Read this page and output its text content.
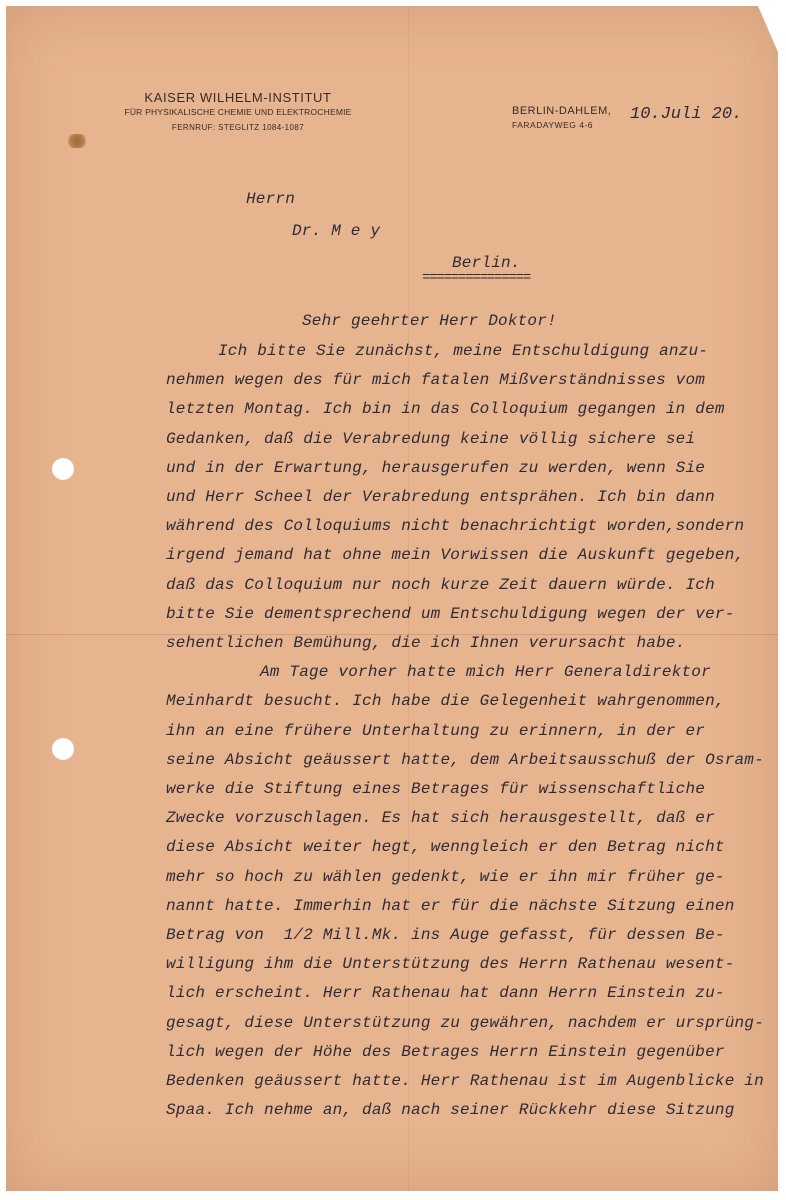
KAISER WILHELM-INSTITUT
FÜR PHYSIKALISCHE CHEMIE UND ELEKTROCHEMIE
FERNRUF: STEGLITZ 1084-1087
BERLIN-DAHLEM,
FARADAYWEG 4-6
10.Juli 20.
Herrn
Dr. M e y
Berlin.
===============
Sehr geehrter Herr Doktor!
Ich bitte Sie zunächst, meine Entschuldigung anzu-
nehmen wegen des für mich fatalen Mißverständnisses vom
letzten Montag. Ich bin in das Colloquium gegangen in dem
Gedanken, daß die Verabredung keine völlig sichere sei
und in der Erwartung, herausgerufen zu werden, wenn Sie
und Herr Scheel der Verabredung entsprähen. Ich bin dann
während des Colloquiums nicht benachrichtigt worden,sondern
irgend jemand hat ohne mein Vorwissen die Auskunft gegeben,
daß das Colloquium nur noch kurze Zeit dauern würde. Ich
bitte Sie dementsprechend um Entschuldigung wegen der ver-
sehentlichen Bemühung, die ich Ihnen verursacht habe.
Am Tage vorher hatte mich Herr Generaldirektor
Meinhardt besucht. Ich habe die Gelegenheit wahrgenommen,
ihn an eine frühere Unterhaltung zu erinnern, in der er
seine Absicht geäussert hatte, dem Arbeitsausschuß der Osram-
werke die Stiftung eines Betrages für wissenschaftliche
Zwecke vorzuschlagen. Es hat sich herausgestellt, daß er
diese Absicht weiter hegt, wenngleich er den Betrag nicht
mehr so hoch zu wählen gedenkt, wie er ihn mir früher ge-
nannt hatte. Immerhin hat er für die nächste Sitzung einen
Betrag von  1/2 Mill.Mk. ins Auge gefasst, für dessen Be-
willigung ihm die Unterstützung des Herrn Rathenau wesent-
lich erscheint. Herr Rathenau hat dann Herrn Einstein zu-
gesagt, diese Unterstützung zu gewähren, nachdem er ursprüng-
lich wegen der Höhe des Betrages Herrn Einstein gegenüber
Bedenken geäussert hatte. Herr Rathenau ist im Augenblicke in
Spaa. Ich nehme an, daß nach seiner Rückkehr diese Sitzung
